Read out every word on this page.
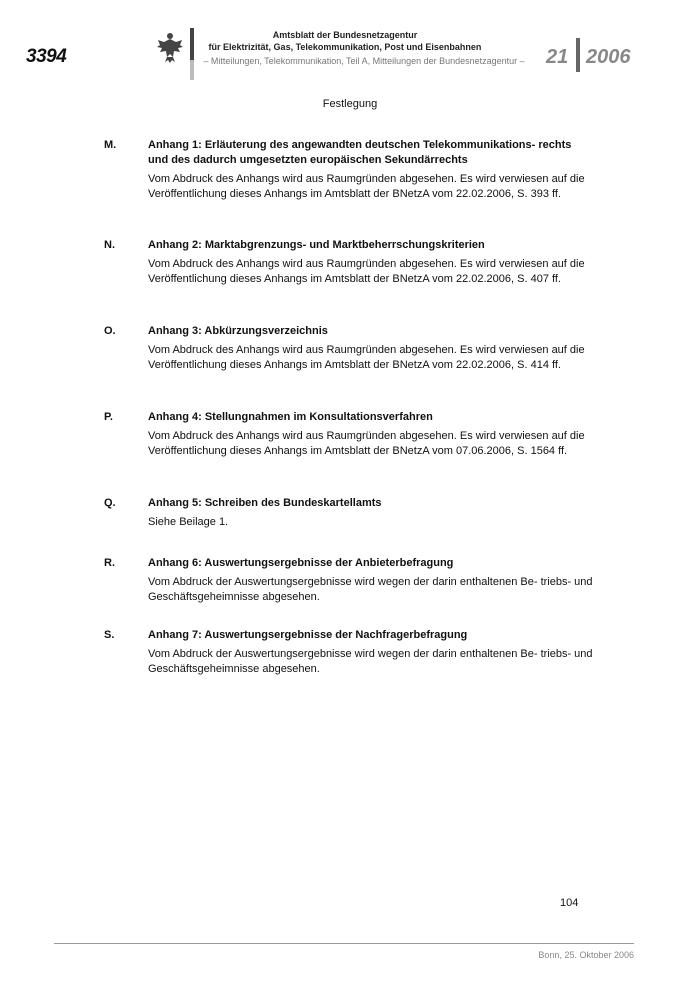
3394
Amtsblatt der Bundesnetzagentur
für Elektrizität, Gas, Telekommunikation, Post und Eisenbahnen
– Mitteilungen, Telekommunikation, Teil A, Mitteilungen der Bundesnetzagentur – 21 2006
Festlegung
M.	Anhang 1: Erläuterung des angewandten deutschen Telekommunikations- rechts und des dadurch umgesetzten europäischen Sekundärrechts
Vom Abdruck des Anhangs wird aus Raumgründen abgesehen. Es wird verwiesen auf die Veröffentlichung dieses Anhangs im Amtsblatt der BNetzA vom 22.02.2006, S. 393 ff.
N.	Anhang 2: Marktabgrenzungs- und Marktbeherrschungskriterien
Vom Abdruck des Anhangs wird aus Raumgründen abgesehen. Es wird verwiesen auf die Veröffentlichung dieses Anhangs im Amtsblatt der BNetzA vom 22.02.2006, S. 407 ff.
O.	Anhang 3: Abkürzungsverzeichnis
Vom Abdruck des Anhangs wird aus Raumgründen abgesehen. Es wird verwiesen auf die Veröffentlichung dieses Anhangs im Amtsblatt der BNetzA vom 22.02.2006, S. 414 ff.
P.	Anhang 4: Stellungnahmen im Konsultationsverfahren
Vom Abdruck des Anhangs wird aus Raumgründen abgesehen. Es wird verwiesen auf die Veröffentlichung dieses Anhangs im Amtsblatt der BNetzA vom 07.06.2006, S. 1564 ff.
Q.	Anhang 5: Schreiben des Bundeskartellamts
Siehe Beilage 1.
R.	Anhang 6: Auswertungsergebnisse der Anbieterbefragung
Vom Abdruck der Auswertungsergebnisse wird wegen der darin enthaltenen Be- triebs- und Geschäftsgeheimnisse abgesehen.
S.	Anhang 7: Auswertungsergebnisse der Nachfragerbefragung
Vom Abdruck der Auswertungsergebnisse wird wegen der darin enthaltenen Be- triebs- und Geschäftsgeheimnisse abgesehen.
104
Bonn, 25. Oktober 2006
